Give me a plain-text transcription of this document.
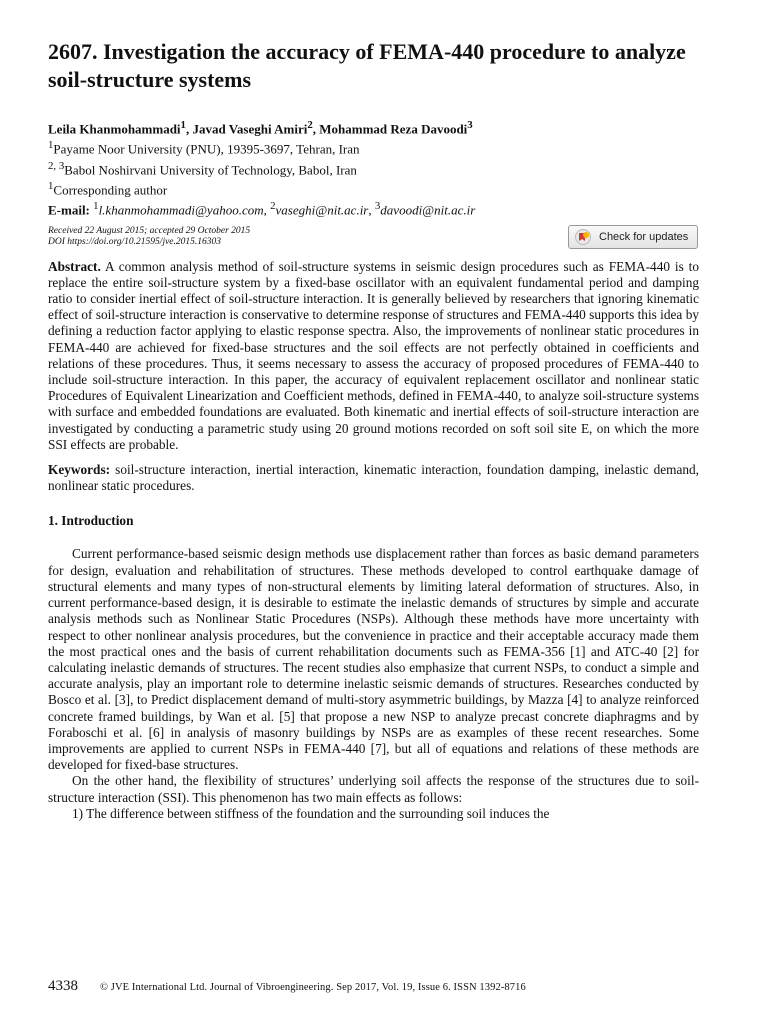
2607. Investigation the accuracy of FEMA-440 procedure to analyze soil-structure systems
Leila Khanmohammadi$^1$, Javad Vaseghi Amiri$^2$, Mohammad Reza Davoodi$^3$
$^1$Payame Noor University (PNU), 19395-3697, Tehran, Iran
$^{2, 3}$Babol Noshirvani University of Technology, Babol, Iran
$^1$Corresponding author
E-mail: $^1$l.khanmohammadi@yahoo.com, $^2$vaseghi@nit.ac.ir, $^3$davoodi@nit.ac.ir
Received 22 August 2015; accepted 29 October 2015
DOI https://doi.org/10.21595/jve.2015.16303	Check for updates

Abstract. A common analysis method of soil-structure systems in seismic design procedures such as FEMA-440 is to replace the entire soil-structure system by a fixed-base oscillator with an equivalent fundamental period and damping ratio to consider inertial effect of soil-structure interaction. It is generally believed by researchers that ignoring kinematic effect of soil-structure interaction is conservative to determine response of structures and FEMA-440 supports this idea by defining a reduction factor applying to elastic response spectra. Also, the improvements of nonlinear static procedures in FEMA-440 are achieved for fixed-base structures and the soil effects are not perfectly obtained in coefficients and relations of these procedures. Thus, it seems necessary to assess the accuracy of proposed procedures of FEMA-440 to include soil-structure interaction. In this paper, the accuracy of equivalent replacement oscillator and nonlinear static Procedures of Equivalent Linearization and Coefficient methods, defined in FEMA-440, to analyze soil-structure systems with surface and embedded foundations are evaluated. Both kinematic and inertial effects of soil-structure interaction are investigated by conducting a parametric study using 20 ground motions recorded on soft soil site E, on which the more SSI effects are probable.

Keywords: soil-structure interaction, inertial interaction, kinematic interaction, foundation damping, inelastic demand, nonlinear static procedures.

1. Introduction

Current performance-based seismic design methods use displacement rather than forces as basic demand parameters for design, evaluation and rehabilitation of structures. These methods developed to control earthquake damage of structural elements and many types of non-structural elements by limiting lateral deformation of structures. Also, in current performance-based design, it is desirable to estimate the inelastic demands of structures by simple and accurate analysis methods such as Nonlinear Static Procedures (NSPs). Although these methods have more uncertainty with respect to other nonlinear analysis procedures, but the convenience in practice and their acceptable accuracy made them the most practical ones and the basis of current rehabilitation documents such as FEMA-356 [1] and ATC-40 [2] for calculating inelastic demands of structures. The recent studies also emphasize that current NSPs, to conduct a simple and accurate analysis, play an important role to determine inelastic seismic demands of structures. Researches conducted by Bosco et al. [3], to Predict displacement demand of multi-story asymmetric buildings, by Mazza [4] to analyze reinforced concrete framed buildings, by Wan et al. [5] that propose a new NSP to analyze precast concrete diaphragms and by Foraboschi et al. [6] in analysis of masonry buildings by NSPs are as examples of these recent researches. Some improvements are applied to current NSPs in FEMA-440 [7], but all of equations and relations of these methods are developed for fixed-base structures.

On the other hand, the flexibility of structures’ underlying soil affects the response of the structures due to soil-structure interaction (SSI). This phenomenon has two main effects as follows:

1) The difference between stiffness of the foundation and the surrounding soil induces the

4338 © JVE International Ltd. Journal of Vibroengineering. Sep 2017, Vol. 19, Issue 6. ISSN 1392-8716
